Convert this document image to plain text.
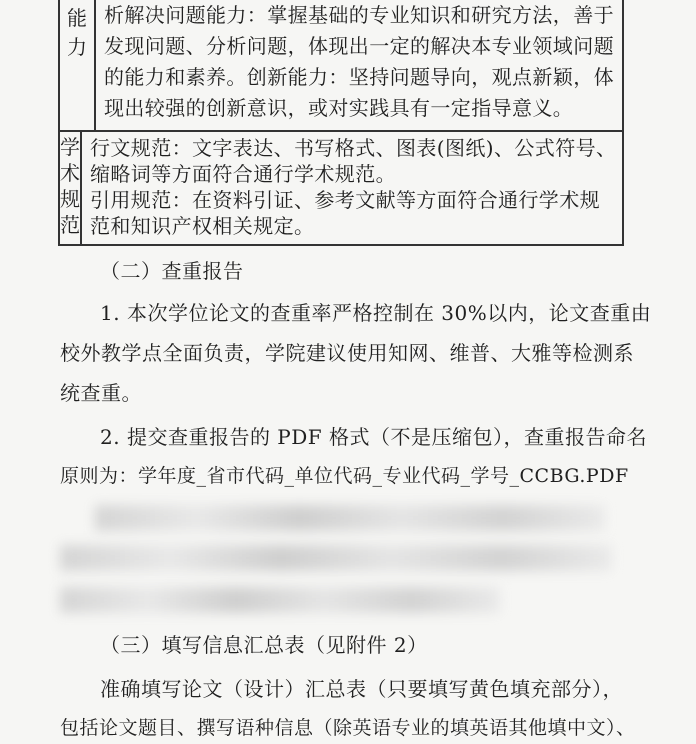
能
力
析解决问题能力：掌握基础的专业知识和研究方法，善于
发现问题、分析问题，体现出一定的解决本专业领域问题
的能力和素养。创新能力：坚持问题导向，观点新颖，体
现出较强的创新意识，或对实践具有一定指导意义。
学
术
规
范
行文规范：文字表达、书写格式、图表(图纸)、公式符号、
缩略词等方面符合通行学术规范。
引用规范：在资料引证、参考文献等方面符合通行学术规
范和知识产权相关规定。
（二）查重报告
1. 本次学位论文的查重率严格控制在 30%以内，论文查重由
校外教学点全面负责，学院建议使用知网、维普、大雅等检测系
统查重。
2. 提交查重报告的 PDF 格式（不是压缩包），查重报告命名
原则为：学年度_省市代码_单位代码_专业代码_学号_CCBG.PDF
（三）填写信息汇总表（见附件 2）
准确填写论文（设计）汇总表（只要填写黄色填充部分），
包括论文题目、撰写语种信息（除英语专业的填英语其他填中文）、
